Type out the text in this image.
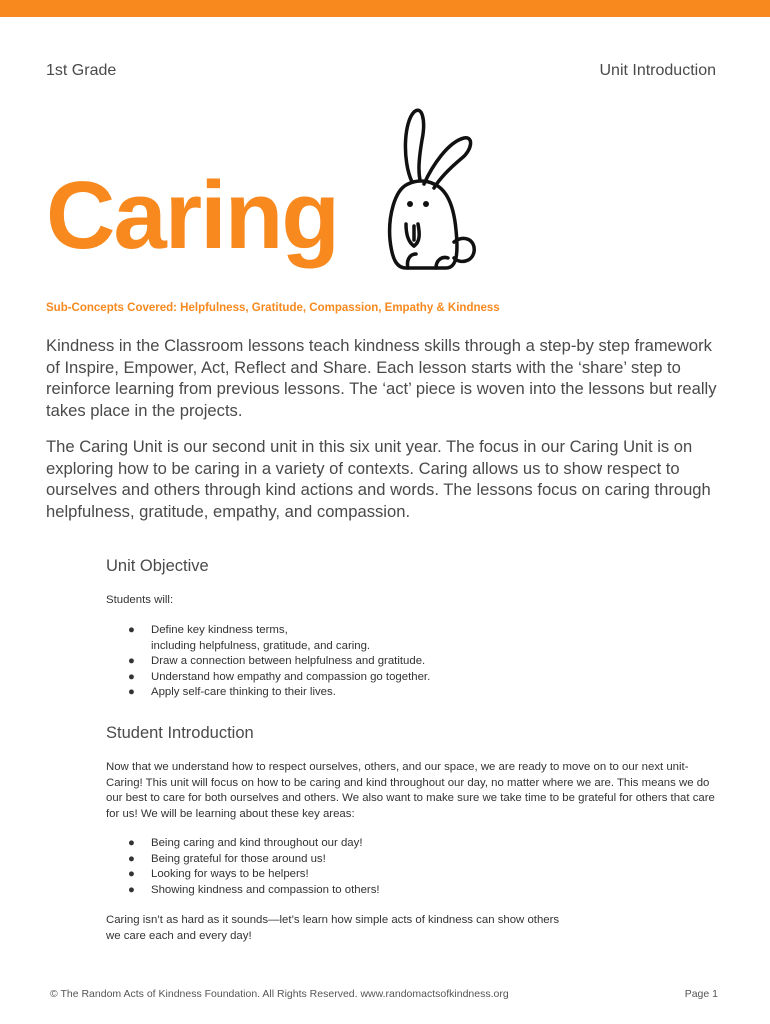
1st Grade	Unit Introduction
Caring
Sub-Concepts Covered: Helpfulness, Gratitude, Compassion, Empathy & Kindness
Kindness in the Classroom lessons teach kindness skills through a step-by step framework of Inspire, Empower, Act, Reflect and Share. Each lesson starts with the ‘share’ step to reinforce learning from previous lessons. The ‘act’ piece is woven into the lessons but really takes place in the projects.
The Caring Unit is our second unit in this six unit year. The focus in our Caring Unit is on exploring how to be caring in a variety of contexts. Caring allows us to show respect to ourselves and others through kind actions and words. The lessons focus on caring through helpfulness, gratitude, empathy, and compassion.
Unit Objective
Students will:
● Define key kindness terms,
including helpfulness, gratitude, and caring.
● Draw a connection between helpfulness and gratitude.
● Understand how empathy and compassion go together.
● Apply self-care thinking to their lives.
Student Introduction
Now that we understand how to respect ourselves, others, and our space, we are ready to move on to our next unit- Caring! This unit will focus on how to be caring and kind throughout our day, no matter where we are. This means we do our best to care for both ourselves and others. We also want to make sure we take time to be grateful for others that care for us! We will be learning about these key areas:
● Being caring and kind throughout our day!
● Being grateful for those around us!
● Looking for ways to be helpers!
● Showing kindness and compassion to others!
Caring isn’t as hard as it sounds—let’s learn how simple acts of kindness can show others we care each and every day!
© The Random Acts of Kindness Foundation. All Rights Reserved. www.randomactsofkindness.org	Page 1
